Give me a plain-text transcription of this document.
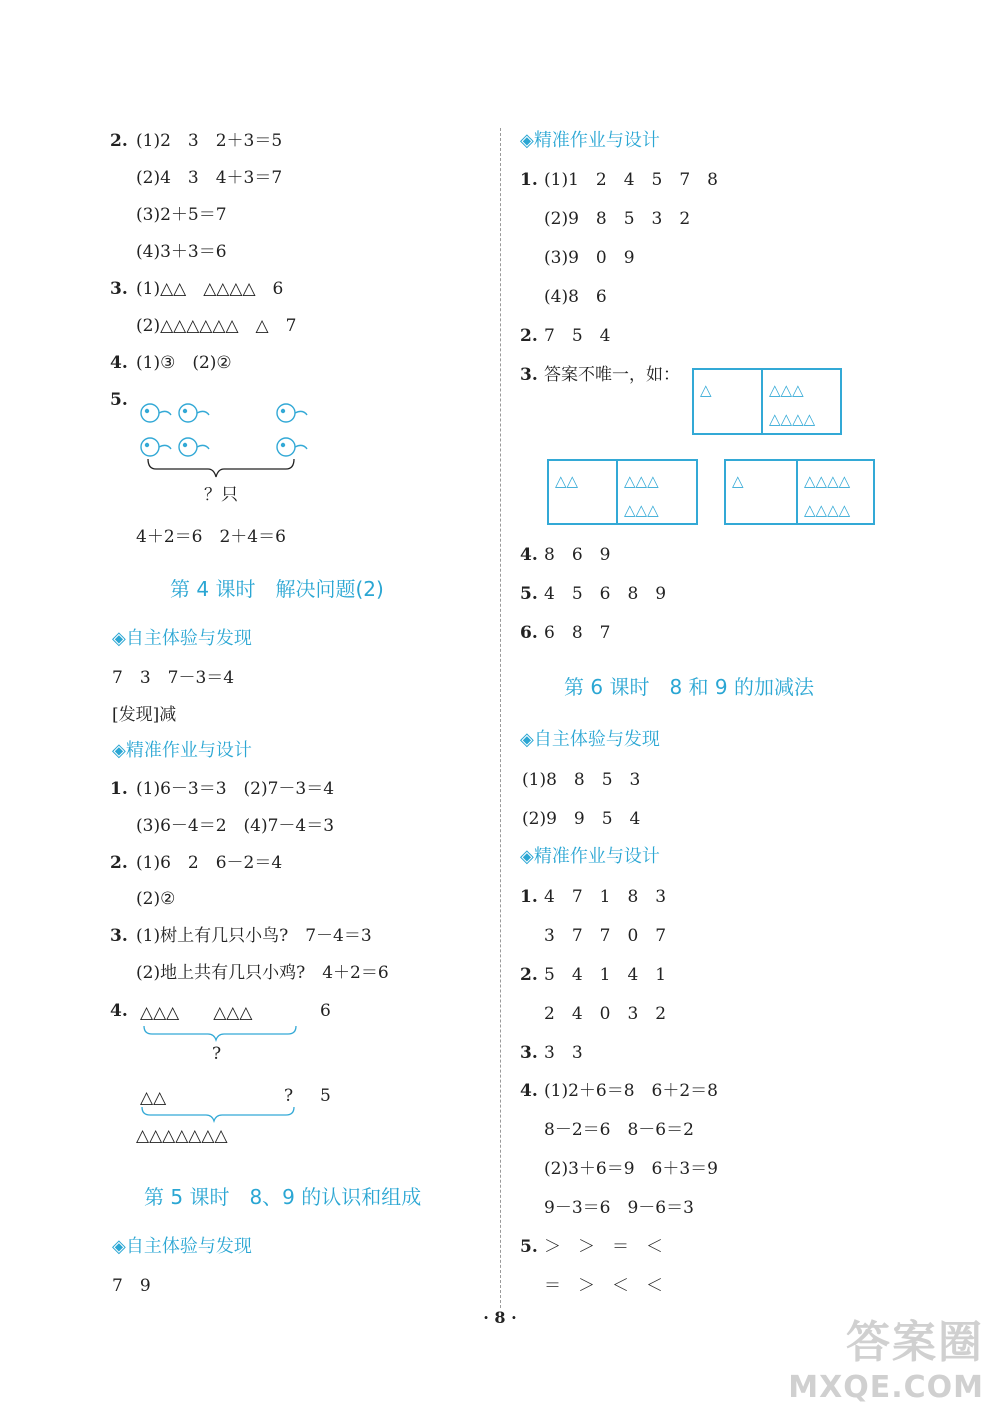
2. (1)2　3　2＋3＝5
(2)4　3　4＋3＝7
(3)2＋5＝7
(4)3＋3＝6
3. (1)△△　△△△△　6
(2)△△△△△△　△　7
4. (1)③　(2)②
5.
？只
4＋2＝6　2＋4＝6
第 4 课时　解决问题(2)
◈自主体验与发现
7　3　7－3＝4
[发现]减
◈精准作业与设计
1. (1)6－3＝3　(2)7－3＝4
(3)6－4＝2　(4)7－4＝3
2. (1)6　2　6－2＝4
(2)②
3. (1)树上有几只小鸟?　7－4＝3
(2)地上共有几只小鸡?　4＋2＝6
4. △△△　　△△△	6
?
△△	? 5
△△△△△△△
第 5 课时　8、9 的认识和组成
◈自主体验与发现
7　9
◈精准作业与设计
1. (1)1　2　4　5　7　8
(2)9　8　5　3　2
(3)9　0　9
(4)8　6
2. 7　5　4
3. 答案不唯一，如：
△	△△△
△△△△
△△	△△△
△△△
△	△△△△
△△△△
4. 8　6　9
5. 4　5　6　8　9
6. 6　8　7
第 6 课时　8 和 9 的加减法
◈自主体验与发现
(1)8　8　5　3
(2)9　9　5　4
◈精准作业与设计
1. 4　7　1　8　3
3　7　7　0　7
2. 5　4　1　4　1
2　4　0　3　2
3. 3　3
4. (1)2＋6＝8　6＋2＝8
8－2＝6　8－6＝2
(2)3＋6＝9　6＋3＝9
9－3＝6　9－6＝3
5. ＞　＞　＝　＜
＝　＞　＜　＜
· 8 ·	答案圈
MXQE.COM
